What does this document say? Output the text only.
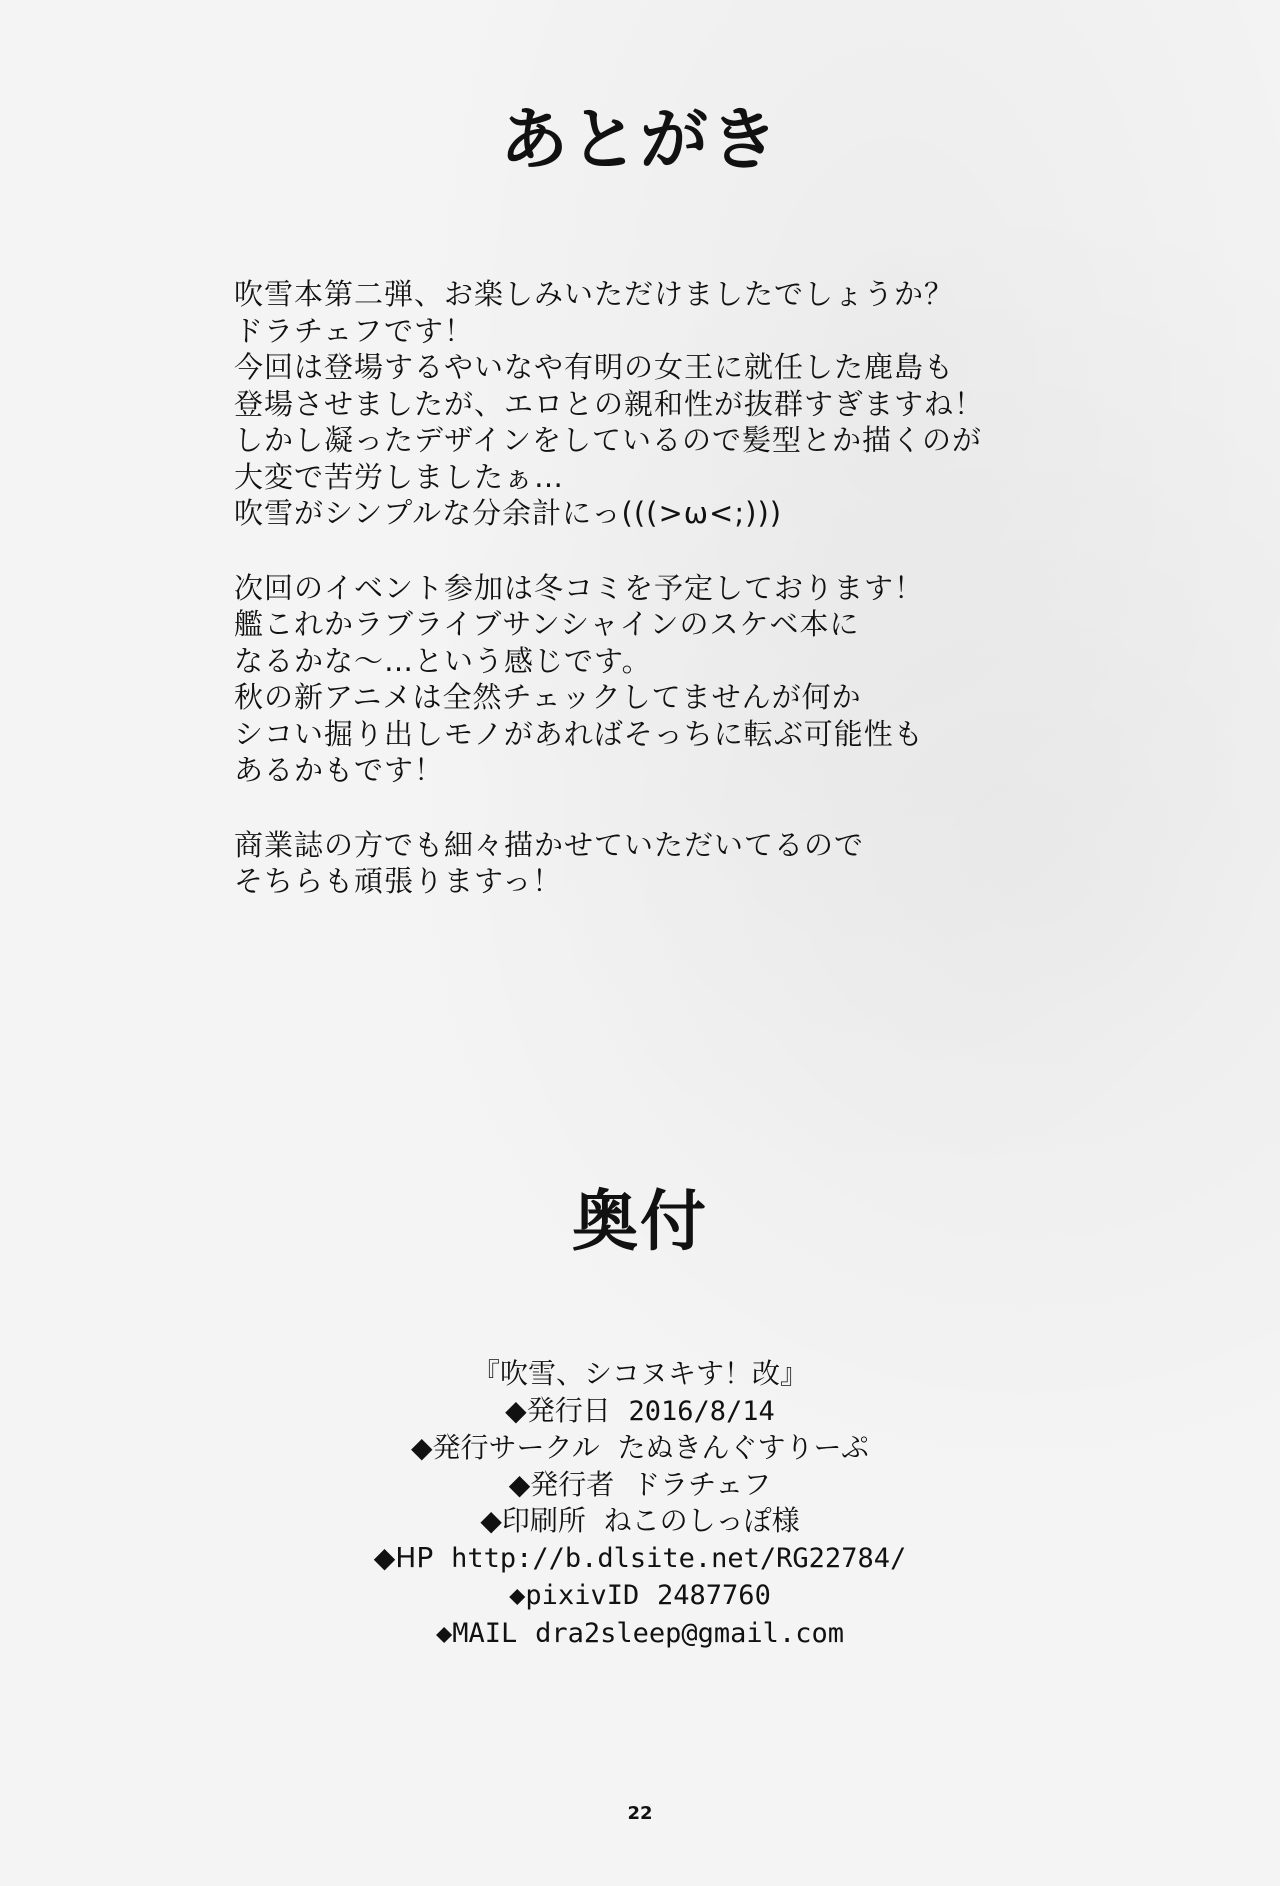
あとがき
吹雪本第二弾、お楽しみいただけましたでしょうか？
ドラチェフです！
今回は登場するやいなや有明の女王に就任した鹿島も
登場させましたが、エロとの親和性が抜群すぎますね！
しかし凝ったデザインをしているので髪型とか描くのが
大変で苦労しましたぁ…
吹雪がシンプルな分余計にっ(((>ω<;)))
次回のイベント参加は冬コミを予定しております！
艦これかラブライブサンシャインのスケベ本に
なるかな～…という感じです。
秋の新アニメは全然チェックしてませんが何か
シコい掘り出しモノがあればそっちに転ぶ可能性も
あるかもです！
商業誌の方でも細々描かせていただいてるので
そちらも頑張りますっ！
奥付
『吹雪、シコヌキす！改』
◆発行日 2016/8/14
◆発行サークル たぬきんぐすりーぷ
◆発行者 ドラチェフ
◆印刷所 ねこのしっぽ様
◆HP http://b.dlsite.net/RG22784/
◆pixivID 2487760
◆MAIL dra2sleep@gmail.com
22
